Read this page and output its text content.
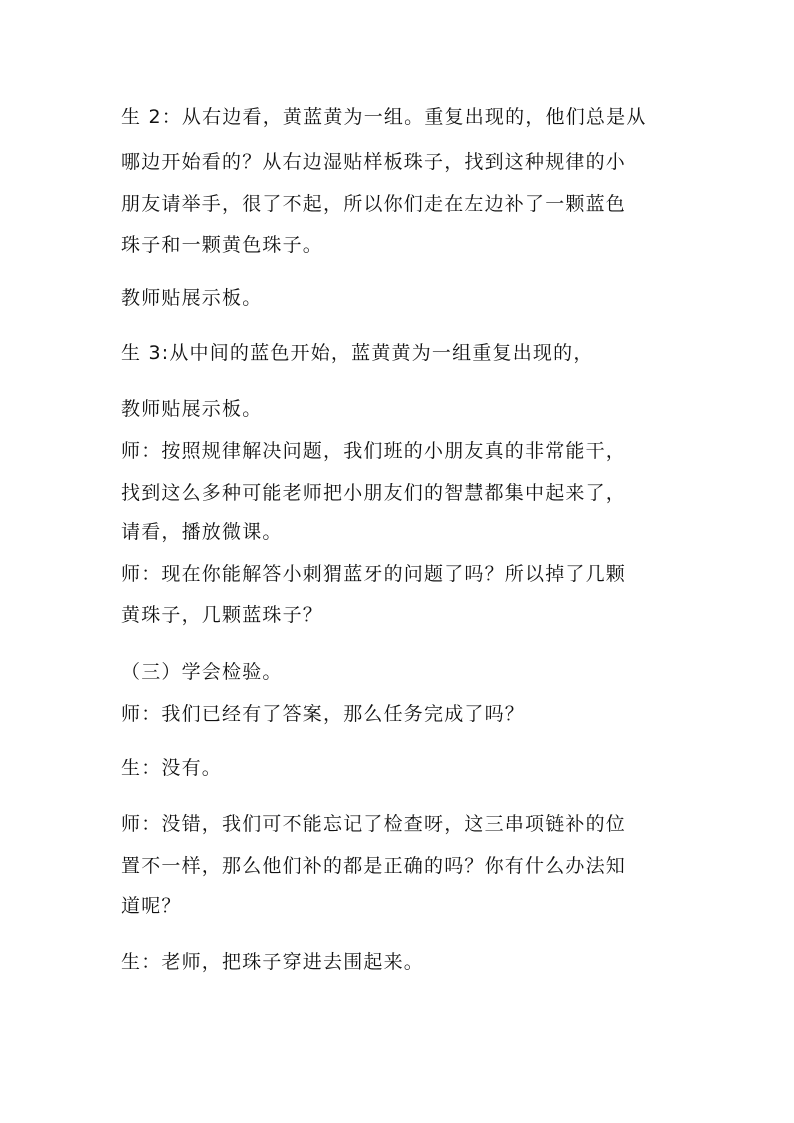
生 2：从右边看，黄蓝黄为一组。重复出现的，他们总是从
哪边开始看的？从右边湿贴样板珠子，找到这种规律的小
朋友请举手，很了不起，所以你们走在左边补了一颗蓝色
珠子和一颗黄色珠子。
教师贴展示板。
生 3:从中间的蓝色开始，蓝黄黄为一组重复出现的，
教师贴展示板。
师：按照规律解决问题，我们班的小朋友真的非常能干，
找到这么多种可能老师把小朋友们的智慧都集中起来了，
请看，播放微课。
师：现在你能解答小刺猬蓝牙的问题了吗？所以掉了几颗
黄珠子，几颗蓝珠子？
（三）学会检验。
师：我们已经有了答案，那么任务完成了吗？
生：没有。
师：没错，我们可不能忘记了检查呀，这三串项链补的位
置不一样，那么他们补的都是正确的吗？你有什么办法知
道呢？
生：老师，把珠子穿进去围起来。
